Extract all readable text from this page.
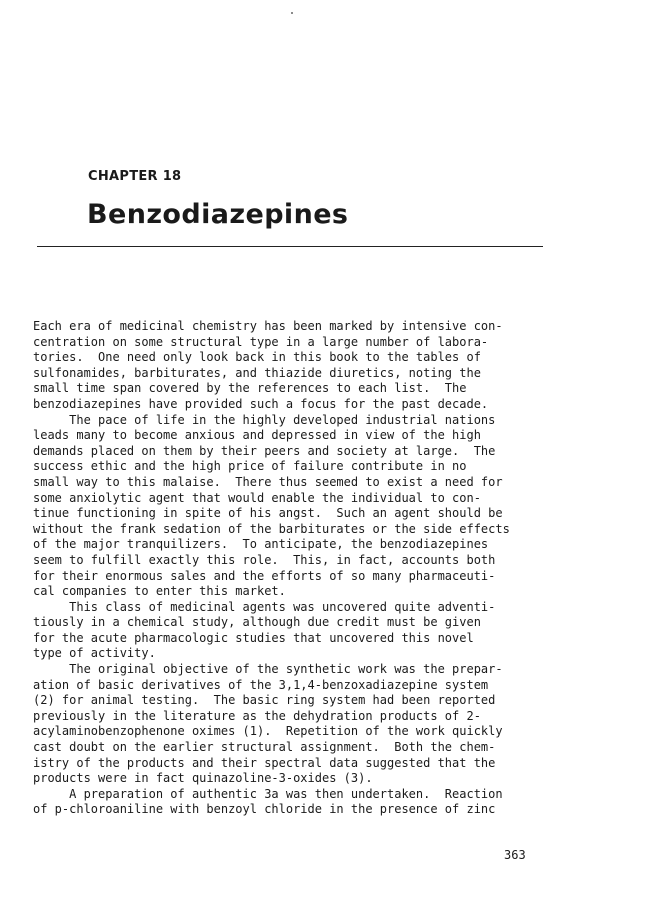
CHAPTER 18
Benzodiazepines
Each era of medicinal chemistry has been marked by intensive con-
centration on some structural type in a large number of labora-
tories.  One need only look back in this book to the tables of
sulfonamides, barbiturates, and thiazide diuretics, noting the
small time span covered by the references to each list.  The
benzodiazepines have provided such a focus for the past decade.
The pace of life in the highly developed industrial nations
leads many to become anxious and depressed in view of the high
demands placed on them by their peers and society at large.  The
success ethic and the high price of failure contribute in no
small way to this malaise.  There thus seemed to exist a need for
some anxiolytic agent that would enable the individual to con-
tinue functioning in spite of his angst.  Such an agent should be
without the frank sedation of the barbiturates or the side effects
of the major tranquilizers.  To anticipate, the benzodiazepines
seem to fulfill exactly this role.  This, in fact, accounts both
for their enormous sales and the efforts of so many pharmaceuti-
cal companies to enter this market.
This class of medicinal agents was uncovered quite adventi-
tiously in a chemical study, although due credit must be given
for the acute pharmacologic studies that uncovered this novel
type of activity.
The original objective of the synthetic work was the prepar-
ation of basic derivatives of the 3,1,4-benzoxadiazepine system
(2) for animal testing.  The basic ring system had been reported
previously in the literature as the dehydration products of 2-
acylaminobenzophenone oximes (1).  Repetition of the work quickly
cast doubt on the earlier structural assignment.  Both the chem-
istry of the products and their spectral data suggested that the
products were in fact quinazoline-3-oxides (3).
A preparation of authentic 3a was then undertaken.  Reaction
of p-chloroaniline with benzoyl chloride in the presence of zinc

363
